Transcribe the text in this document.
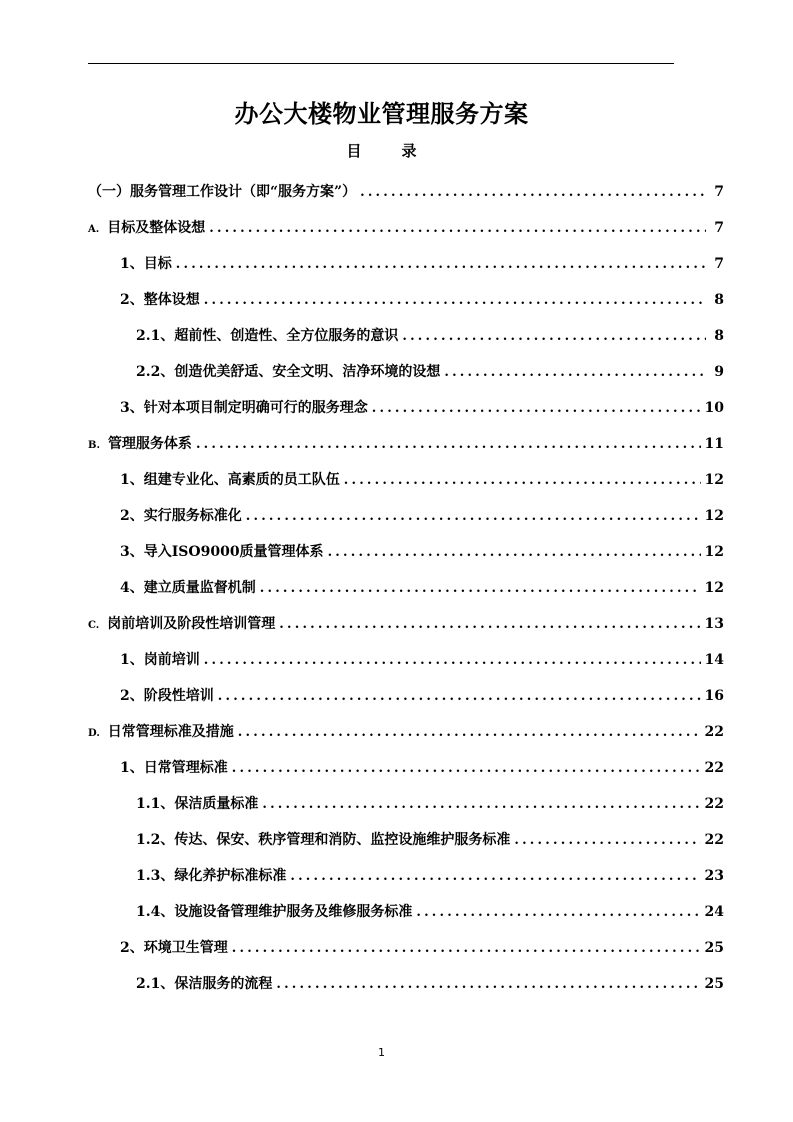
办公大楼物业管理服务方案
目	录
（一）服务管理工作设计（即“服务方案”） .....	7
A. 目标及整体设想 .....	7
1、目标 .....	7
2、整体设想 .....	8
2.1、超前性、创造性、全方位服务的意识 .....	8
2.2、创造优美舒适、安全文明、洁净环境的设想 .....	9
3、针对本项目制定明确可行的服务理念 .....	10
B. 管理服务体系 .....	11
1、组建专业化、高素质的员工队伍 .....	12
2、实行服务标准化 .....	12
3、导入ISO9000质量管理体系 .....	12
4、建立质量监督机制 .....	12
C. 岗前培训及阶段性培训管理 .....	13
1、岗前培训 .....	14
2、阶段性培训 .....	16
D. 日常管理标准及措施 .....	22
1、日常管理标准 .....	22
1.1、保洁质量标准 .....	22
1.2、传达、保安、秩序管理和消防、监控设施维护服务标准 .....	22
1.3、绿化养护标准标准 .....	23
1.4、设施设备管理维护服务及维修服务标准 .....	24
2、环境卫生管理 .....	25
2.1、保洁服务的流程 .....	25
1
